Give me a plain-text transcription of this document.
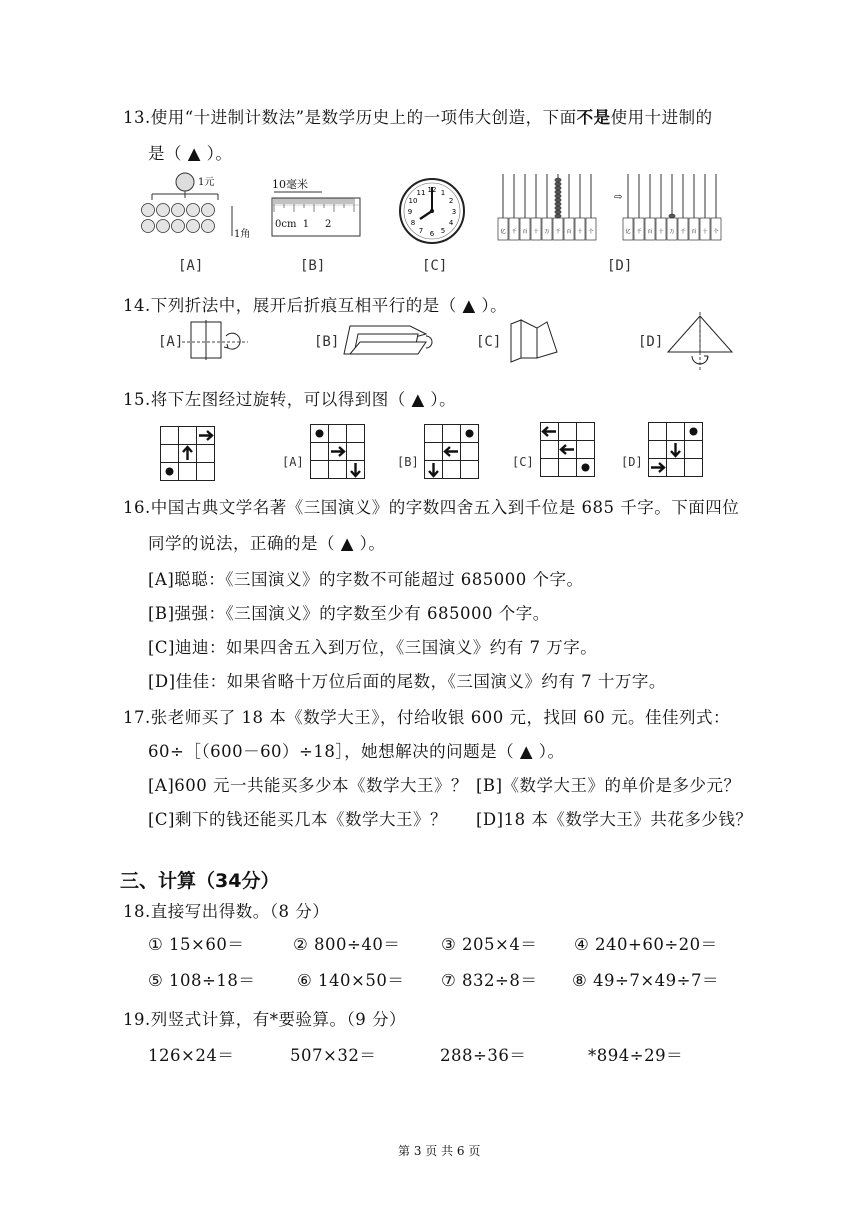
13.使用“十进制计数法”是数学历史上的一项伟大创造，下面不是使用十进制的
是（ ▲ ）。
1元
1角
10毫米
0cm  1     2
12 1
2
3
4
5
6
7
8
9
10
11
亿 千 百 十 万 千 百 十 个	亿 千 百 十 万 千 百 十 个
⇨
[A]	[B]	[C]	[D]
14.下列折法中，展开后折痕互相平行的是（ ▲ ）。
[A]	[B]	[C]	[D]
15.将下左图经过旋转，可以得到图（ ▲ ）。
[A]	[B]	[C]	[D]
16.中国古典文学名著《三国演义》的字数四舍五入到千位是 685 千字。下面四位
同学的说法，正确的是（ ▲ ）。
[A]聪聪：《三国演义》的字数不可能超过 685000 个字。
[B]强强：《三国演义》的字数至少有 685000 个字。
[C]迪迪：如果四舍五入到万位，《三国演义》约有 7 万字。
[D]佳佳：如果省略十万位后面的尾数，《三国演义》约有 7 十万字。
17.张老师买了 18 本《数学大王》，付给收银 600 元，找回 60 元。佳佳列式：
60÷［（600－60）÷18］，她想解决的问题是（ ▲ ）。
[A]600 元一共能买多少本《数学大王》？ [B]《数学大王》的单价是多少元？
[C]剩下的钱还能买几本《数学大王》？ [D]18 本《数学大王》共花多少钱？
三、计算（34分）
18.直接写出得数。（8 分）
① 15×60＝	② 800÷40＝ ③ 205×4＝ ④ 240+60÷20＝
⑤ 108÷18＝	⑥ 140×50＝ ⑦ 832÷8＝ ⑧ 49÷7×49÷7＝
19.列竖式计算，有*要验算。（9 分）
126×24＝	507×32＝	288÷36＝	*894÷29＝
第 3 页 共 6 页
